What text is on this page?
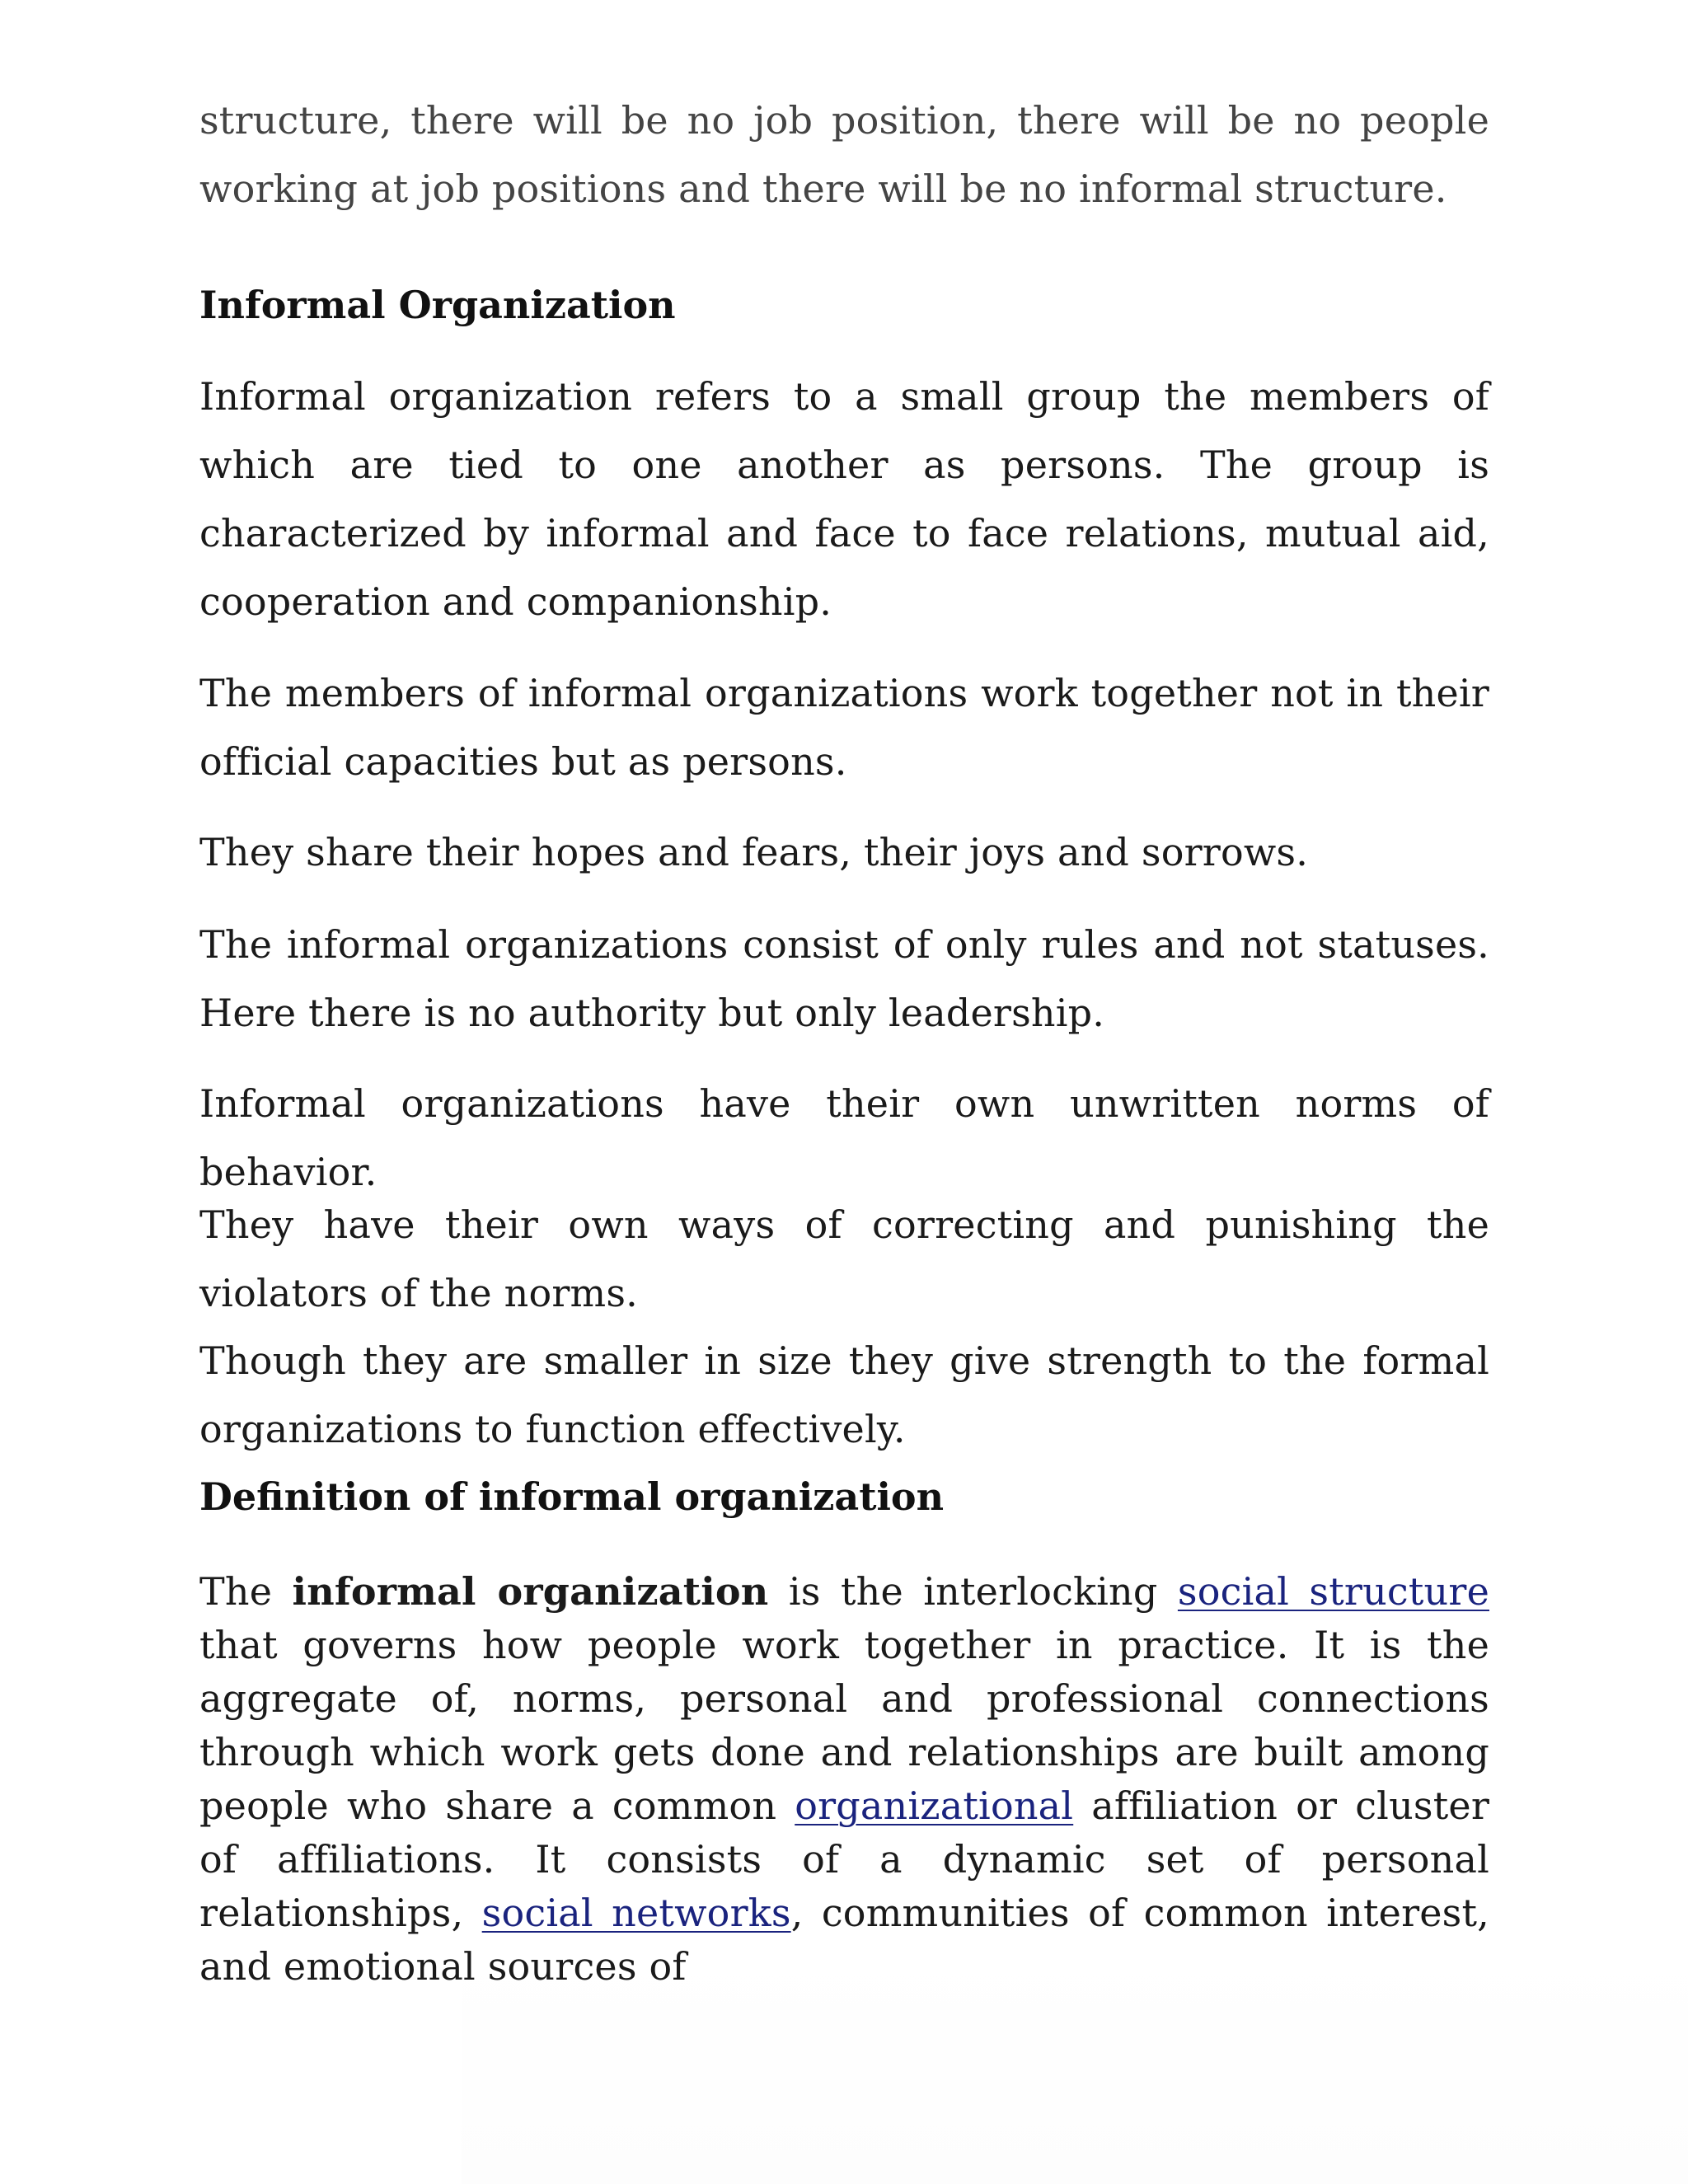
structure, there will be no job position, there will be no people working at job positions and there will be no informal structure.

Informal Organization

Informal organization refers to a small group the members of which are tied to one another as persons. The group is characterized by informal and face to face relations, mutual aid, cooperation and companionship.

The members of informal organizations work together not in their official capacities but as persons.

They share their hopes and fears, their joys and sorrows.

The informal organizations consist of only rules and not statuses. Here there is no authority but only leadership.

Informal organizations have their own unwritten norms of behavior.

They have their own ways of correcting and punishing the violators of the norms.

Though they are smaller in size they give strength to the formal organizations to function effectively.

Definition of informal organization

The informal organization is the interlocking social structure that governs how people work together in practice. It is the aggregate of, norms, personal and professional connections through which work gets done and relationships are built among people who share a common organizational affiliation or cluster of affiliations. It consists of a dynamic set of personal relationships, social networks, communities of common interest, and emotional sources of
